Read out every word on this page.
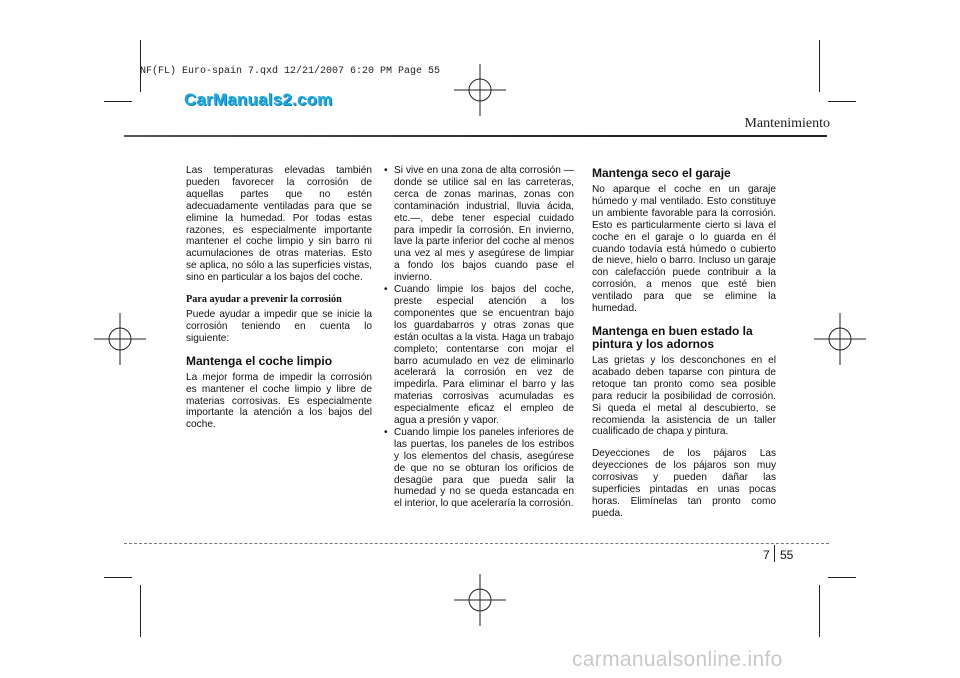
NF(FL) Euro-spain 7.qxd 12/21/2007 6:20 PM Page 55
CarManuals2.com
Mantenimiento

Las temperaturas elevadas también pueden favorecer la corrosión de aquellas partes que no estén adecuadamente ventiladas para que se elimine la humedad. Por todas estas razones, es especialmente importante mantener el coche limpio y sin barro ni acumulaciones de otras materias. Esto se aplica, no sólo a las superficies vistas, sino en particular a los bajos del coche.

Para ayudar a prevenir la corrosión

Puede ayudar a impedir que se inicie la corrosión teniendo en cuenta lo siguiente:

Mantenga el coche limpio

La mejor forma de impedir la corrosión es mantener el coche limpio y libre de materias corrosivas. Es especialmente importante la atención a los bajos del coche.

• Si vive en una zona de alta corrosión — donde se utilice sal en las carreteras, cerca de zonas marinas, zonas con contaminación industrial, lluvia ácida, etc.—, debe tener especial cuidado para impedir la corrosión. En invierno, lave la parte inferior del coche al menos una vez al mes y asegúrese de limpiar a fondo los bajos cuando pase el invierno.
• Cuando limpie los bajos del coche, preste especial atención a los componentes que se encuentran bajo los guardabarros y otras zonas que están ocultas a la vista. Haga un trabajo completo; contentarse con mojar el barro acumulado en vez de eliminarlo acelerará la corrosión en vez de impedirla. Para eliminar el barro y las materias corrosivas acumuladas es especialmente eficaz el empleo de agua a presión y vapor.
• Cuando limpie los paneles inferiores de las puertas, los paneles de los estribos y los elementos del chasis, asegúrese de que no se obturan los orificios de desagüe para que pueda salir la humedad y no se queda estancada en el interior, lo que aceleraría la corrosión.
Mantenga seco el garaje

No aparque el coche en un garaje húmedo y mal ventilado. Esto constituye un ambiente favorable para la corrosión. Esto es particularmente cierto si lava el coche en el garaje o lo guarda en él cuando todavía está húmedo o cubierto de nieve, hielo o barro. Incluso un garaje con calefacción puede contribuir a la corrosión, a menos que esté bien ventilado para que se elimine la humedad.

Mantenga en buen estado la pintura y los adornos

Las grietas y los desconchones en el acabado deben taparse con pintura de retoque tan pronto como sea posible para reducir la posibilidad de corrosión. Si queda el metal al descubierto, se recomienda la asistencia de un taller cualificado de chapa y pintura.

Deyecciones de los pájaros Las deyecciones de los pájaros son muy corrosivas y pueden dañar las superficies pintadas en unas pocas horas. Elimínelas tan pronto como pueda.

7 55
carmanualsonline.info
